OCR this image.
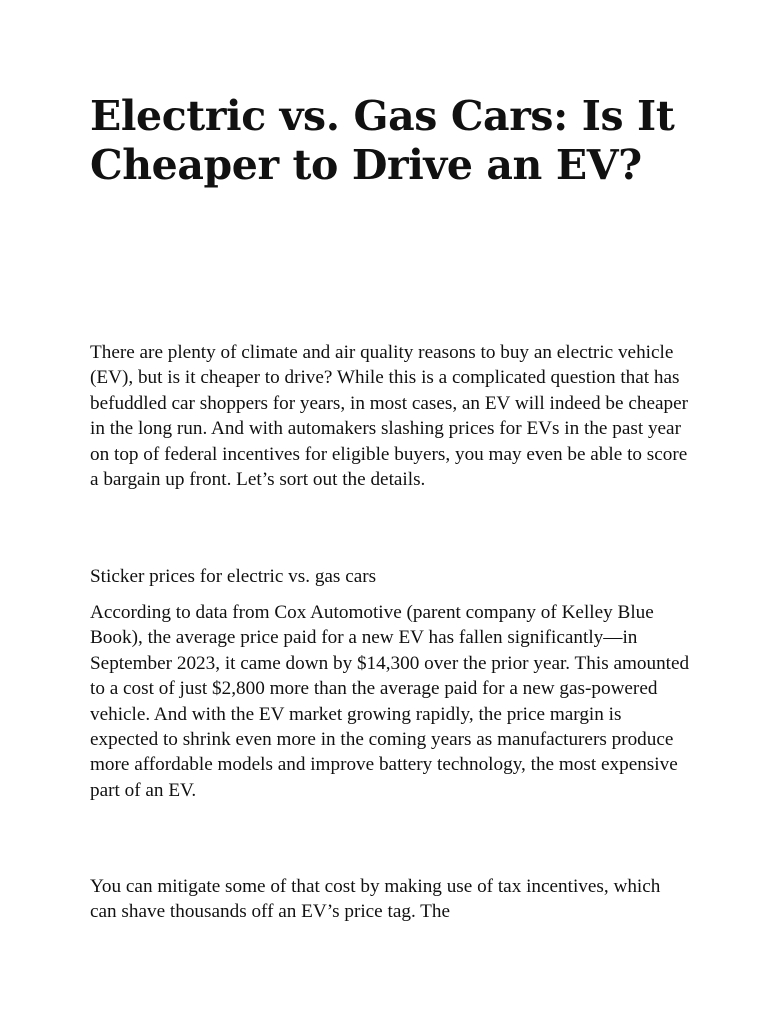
Electric vs. Gas Cars: Is It Cheaper to Drive an EV?

There are plenty of climate and air quality reasons to buy an electric vehicle (EV), but is it cheaper to drive? While this is a complicated question that has befuddled car shoppers for years, in most cases, an EV will indeed be cheaper in the long run. And with automakers slashing prices for EVs in the past year on top of federal incentives for eligible buyers, you may even be able to score a bargain up front. Let’s sort out the details.

Sticker prices for electric vs. gas cars

According to data from Cox Automotive (parent company of Kelley Blue Book), the average price paid for a new EV has fallen significantly—in September 2023, it came down by $14,300 over the prior year. This amounted to a cost of just $2,800 more than the average paid for a new gas-powered vehicle. And with the EV market growing rapidly, the price margin is expected to shrink even more in the coming years as manufacturers produce more affordable models and improve battery technology, the most expensive part of an EV.

You can mitigate some of that cost by making use of tax incentives, which can shave thousands off an EV’s price tag. The
